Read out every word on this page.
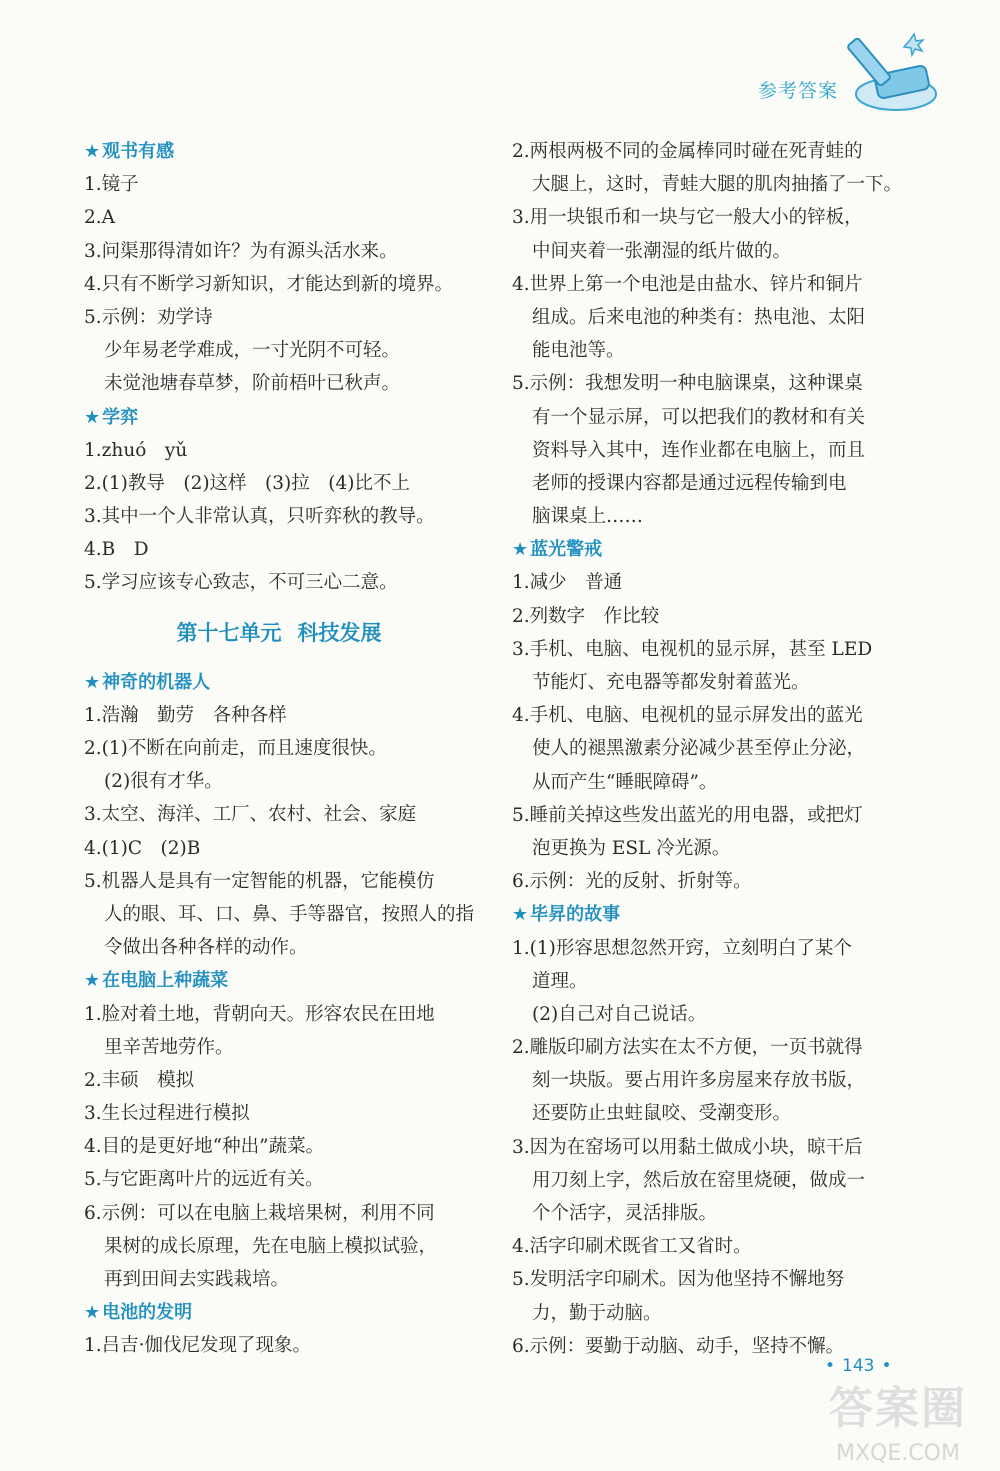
参考答案
★ 观书有感
1.镜子
2.A
3.问渠那得清如许？为有源头活水来。
4.只有不断学习新知识，才能达到新的境界。
5.示例：劝学诗
少年易老学难成，一寸光阴不可轻。
未觉池塘春草梦，阶前梧叶已秋声。
★ 学弈
1.zhuó　yǔ
2.(1)教导　(2)这样　(3)拉　(4)比不上
3.其中一个人非常认真，只听弈秋的教导。
4.B　D
5.学习应该专心致志，不可三心二意。
第十七单元 科技发展
★ 神奇的机器人
1.浩瀚　勤劳　各种各样
2.(1)不断在向前走，而且速度很快。
(2)很有才华。
3.太空、海洋、工厂、农村、社会、家庭
4.(1)C　(2)B
5.机器人是具有一定智能的机器，它能模仿
人的眼、耳、口、鼻、手等器官，按照人的指
令做出各种各样的动作。
★ 在电脑上种蔬菜
1.脸对着土地，背朝向天。形容农民在田地
里辛苦地劳作。
2.丰硕　模拟
3.生长过程进行模拟
4.目的是更好地“种出”蔬菜。
5.与它距离叶片的远近有关。
6.示例：可以在电脑上栽培果树，利用不同
果树的成长原理，先在电脑上模拟试验，
再到田间去实践栽培。
★ 电池的发明
1.吕吉·伽伐尼发现了现象。
2.两根两极不同的金属棒同时碰在死青蛙的
大腿上，这时，青蛙大腿的肌肉抽搐了一下。
3.用一块银币和一块与它一般大小的锌板，
中间夹着一张潮湿的纸片做的。
4.世界上第一个电池是由盐水、锌片和铜片
组成。后来电池的种类有：热电池、太阳
能电池等。
5.示例：我想发明一种电脑课桌，这种课桌
有一个显示屏，可以把我们的教材和有关
资料导入其中，连作业都在电脑上，而且
老师的授课内容都是通过远程传输到电
脑课桌上……
★ 蓝光警戒
1.减少　普通
2.列数字　作比较
3.手机、电脑、电视机的显示屏，甚至 LED
节能灯、充电器等都发射着蓝光。
4.手机、电脑、电视机的显示屏发出的蓝光
使人的褪黑激素分泌减少甚至停止分泌，
从而产生“睡眠障碍”。
5.睡前关掉这些发出蓝光的用电器，或把灯
泡更换为 ESL 冷光源。
6.示例：光的反射、折射等。
★ 毕昇的故事
1.(1)形容思想忽然开窍，立刻明白了某个
道理。
(2)自己对自己说话。
2.雕版印刷方法实在太不方便，一页书就得
刻一块版。要占用许多房屋来存放书版，
还要防止虫蛀鼠咬、受潮变形。
3.因为在窑场可以用黏土做成小块，晾干后
用刀刻上字，然后放在窑里烧硬，做成一
个个活字，灵活排版。
4.活字印刷术既省工又省时。
5.发明活字印刷术。因为他坚持不懈地努
力，勤于动脑。
6.示例：要勤于动脑、动手，坚持不懈。
• 143 •
答案圈
MXQE.COM
